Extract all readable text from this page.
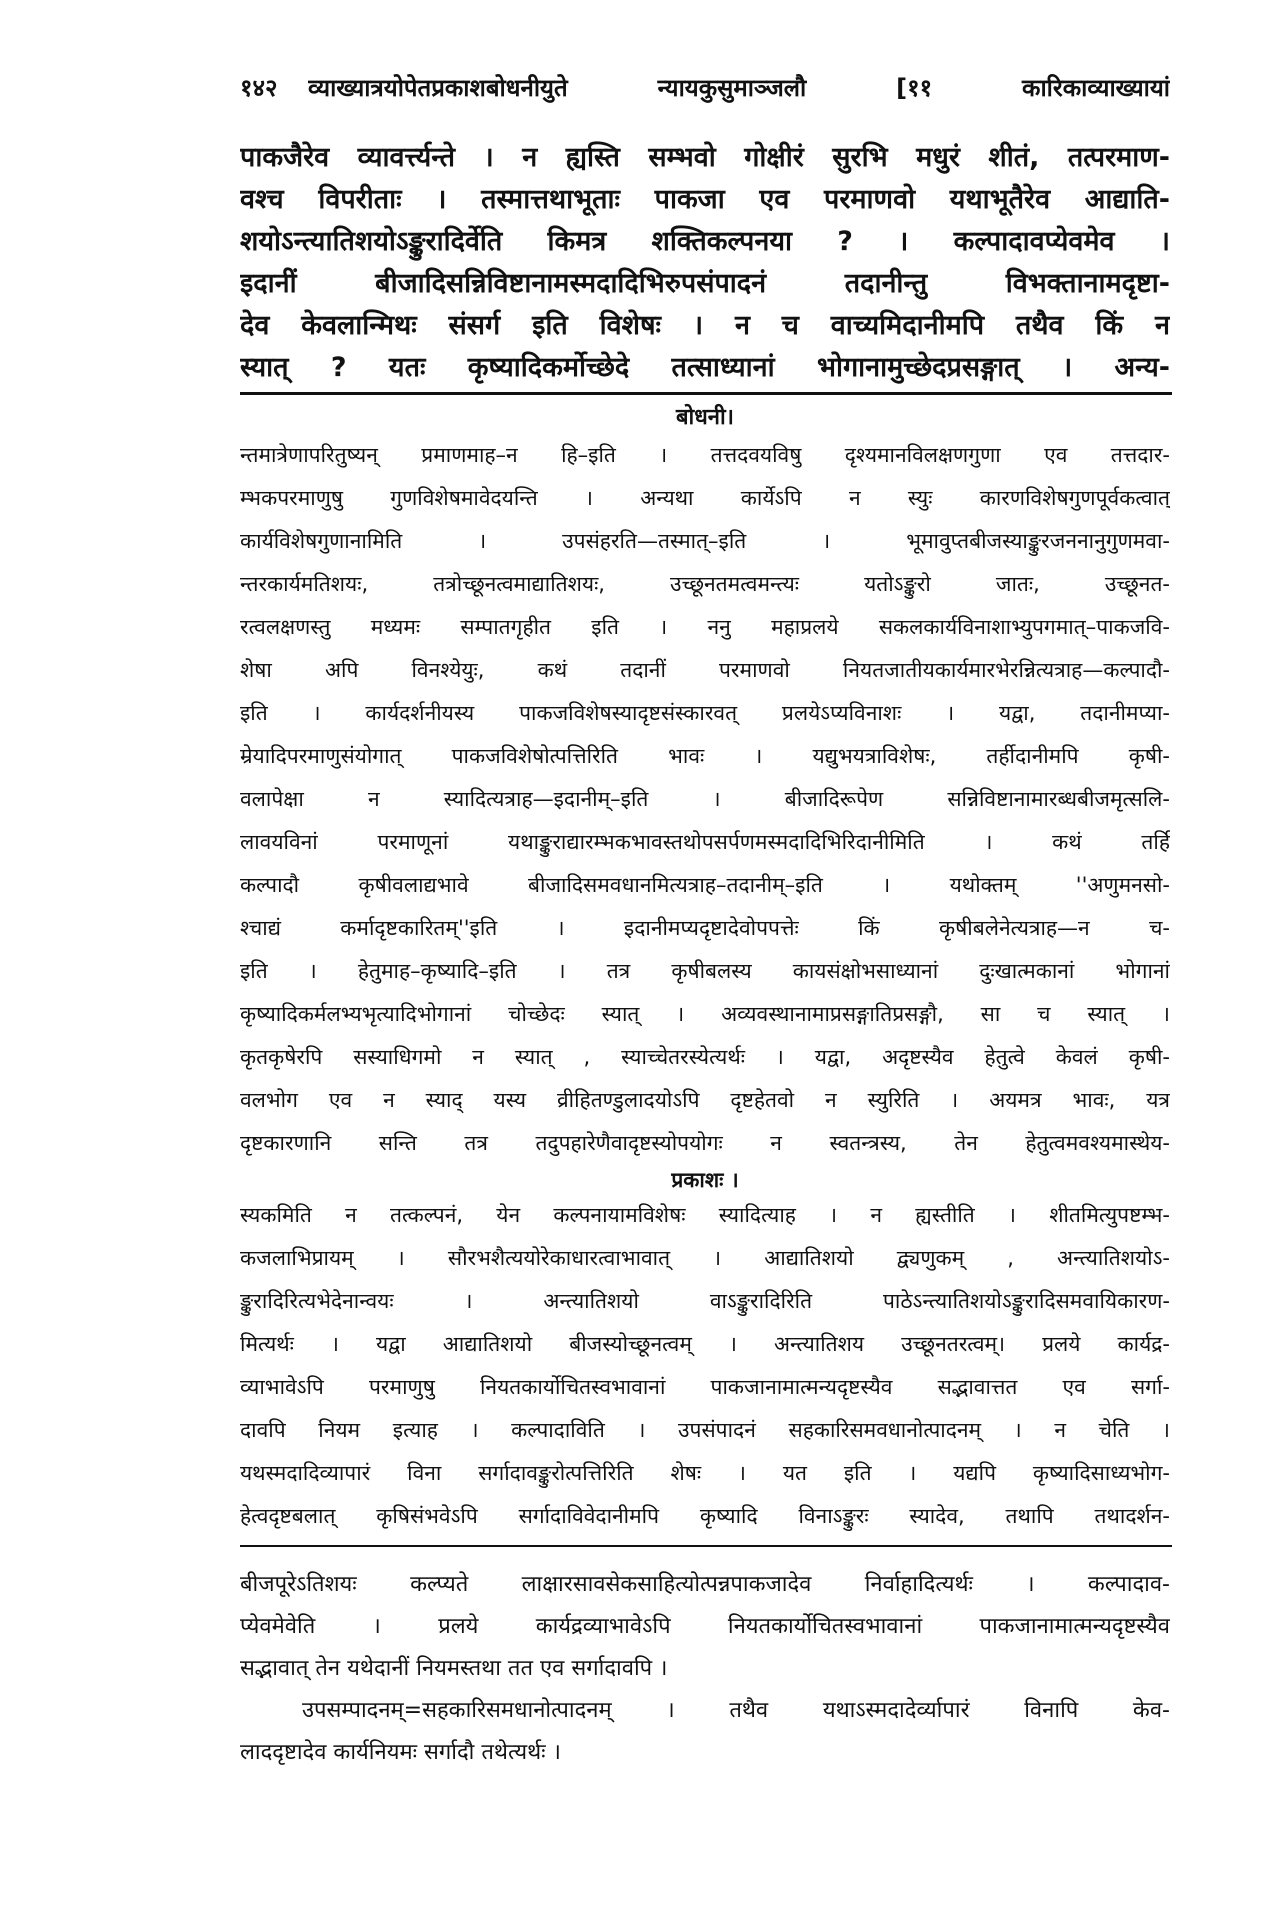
१४२ व्याख्यात्रयोपेतप्रकाशबोधनीयुते न्यायकुसुमाञ्जलौ [११ कारिकाव्याख्यायां
पाकजैरेव व्यावर्त्त्यन्ते । न ह्यस्ति सम्भवो गोक्षीरं सुरभि मधुरं शीतं, तत्परमाण-
वश्च विपरीताः । तस्मात्तथाभूताः पाकजा एव परमाणवो यथाभूतैरेव आद्याति-
शयोऽन्त्यातिशयोऽङ्कुरादिर्वेति किमत्र शक्तिकल्पनया ? । कल्पादावप्येवमेव ।
इदानीं बीजादिसन्निविष्टानामस्मदादिभिरुपसंपादनं तदानीन्तु विभक्तानामदृष्टा-
देव केवलान्मिथः संसर्ग इति विशेषः । न च वाच्यमिदानीमपि तथैव किं न
स्यात् ? यतः कृष्यादिकर्मोच्छेदे तत्साध्यानां भोगानामुच्छेदप्रसङ्गात् । अन्य-
बोधनी।
न्तमात्रेणापरितुष्यन् प्रमाणमाह–न हि–इति । तत्तदवयविषु दृश्यमानविलक्षणगुणा एव तत्तदार-
म्भकपरमाणुषु गुणविशेषमावेदयन्ति । अन्यथा कार्येऽपि न स्युः कारणविशेषगुणपूर्वकत्वात्
कार्यविशेषगुणानामिति । उपसंहरति—तस्मात्–इति । भूमावुप्तबीजस्याङ्कुरजननानुगुणमवा-
न्तरकार्यमतिशयः, तत्रोच्छूनत्वमाद्यातिशयः, उच्छूनतमत्वमन्त्यः यतोऽङ्कुरो जातः, उच्छूनत-
रत्वलक्षणस्तु मध्यमः सम्पातगृहीत इति । ननु महाप्रलये सकलकार्यविनाशाभ्युपगमात्–पाकजवि-
शेषा अपि विनश्येयुः, कथं तदानीं परमाणवो नियतजातीयकार्यमारभेरन्नित्यत्राह—कल्पादौ-
इति । कार्यदर्शनीयस्य पाकजविशेषस्यादृष्टसंस्कारवत् प्रलयेऽप्यविनाशः । यद्वा, तदानीमप्या-
म्रेयादिपरमाणुसंयोगात् पाकजविशेषोत्पत्तिरिति भावः । यद्युभयत्राविशेषः, तर्हीदानीमपि कृषी-
वलापेक्षा न स्यादित्यत्राह—इदानीम्–इति । बीजादिरूपेण सन्निविष्टानामारब्धबीजमृत्सलि-
लावयविनां परमाणूनां यथाङ्कुराद्यारम्भकभावस्तथोपसर्पणमस्मदादिभिरिदानीमिति । कथं तर्हि
कल्पादौ कृषीवलाद्यभावे बीजादिसमवधानमित्यत्राह–तदानीम्–इति । यथोक्तम् ''अणुमनसो-
श्चाद्यं कर्मादृष्टकारितम्''इति । इदानीमप्यदृष्टादेवोपपत्तेः किं कृषीबलेनेत्यत्राह—न च-
इति । हेतुमाह–कृष्यादि–इति । तत्र कृषीबलस्य कायसंक्षोभसाध्यानां दुःखात्मकानां भोगानां
कृष्यादिकर्मलभ्यभृत्यादिभोगानां चोच्छेदः स्यात् । अव्यवस्थानामाप्रसङ्गातिप्रसङ्गौ, सा च स्यात् ।
कृतकृषेरपि सस्याधिगमो न स्यात् , स्याच्चेतरस्येत्यर्थः । यद्वा, अदृष्टस्यैव हेतुत्वे केवलं कृषी-
वलभोग एव न स्याद् यस्य व्रीहितण्डुलादयोऽपि दृष्टहेतवो न स्युरिति । अयमत्र भावः, यत्र
दृष्टकारणानि सन्ति तत्र तदुपहारेणैवादृष्टस्योपयोगः न स्वतन्त्रस्य, तेन हेतुत्वमवश्यमास्थेय-
प्रकाशः ।
स्यकमिति न तत्कल्पनं, येन कल्पनायामविशेषः स्यादित्याह । न ह्यस्तीति । शीतमित्युपष्टम्भ-
कजलाभिप्रायम् । सौरभशैत्ययोरेकाधारत्वाभावात् । आद्यातिशयो द्व्यणुकम् , अन्त्यातिशयोऽ-
ङ्कुरादिरित्यभेदेनान्वयः । अन्त्यातिशयो वाऽङ्कुरादिरिति पाठेऽन्त्यातिशयोऽङ्कुरादिसमवायिकारण-
मित्यर्थः । यद्वा आद्यातिशयो बीजस्योच्छूनत्वम् । अन्त्यातिशय उच्छूनतरत्वम्। प्रलये कार्यद्र-
व्याभावेऽपि परमाणुषु नियतकार्योचितस्वभावानां पाकजानामात्मन्यदृष्टस्यैव सद्भावात्तत एव सर्गा-
दावपि नियम इत्याह । कल्पादाविति । उपसंपादनं सहकारिसमवधानोत्पादनम् । न चेति ।
यथस्मदादिव्यापारं विना सर्गादावङ्कुरोत्पत्तिरिति शेषः । यत इति । यद्यपि कृष्यादिसाध्यभोग-
हेत्वदृष्टबलात् कृषिसंभवेऽपि सर्गादाविवेदानीमपि कृष्यादि विनाऽङ्कुरः स्यादेव, तथापि तथादर्शन-
बीजपूरेऽतिशयः कल्प्यते लाक्षारसावसेकसाहित्योत्पन्नपाकजादेव निर्वाहादित्यर्थः । कल्पादाव-
प्येवमेवेति । प्रलये कार्यद्रव्याभावेऽपि नियतकार्योचितस्वभावानां पाकजानामात्मन्यदृष्टस्यैव
सद्भावात् तेन यथेदानीं नियमस्तथा तत एव सर्गादावपि ।
उपसम्पादनम्=सहकारिसमधानोत्पादनम् । तथैव यथाऽस्मदादेर्व्यापारं विनापि केव-
लाददृष्टादेव कार्यनियमः सर्गादौ तथेत्यर्थः ।
